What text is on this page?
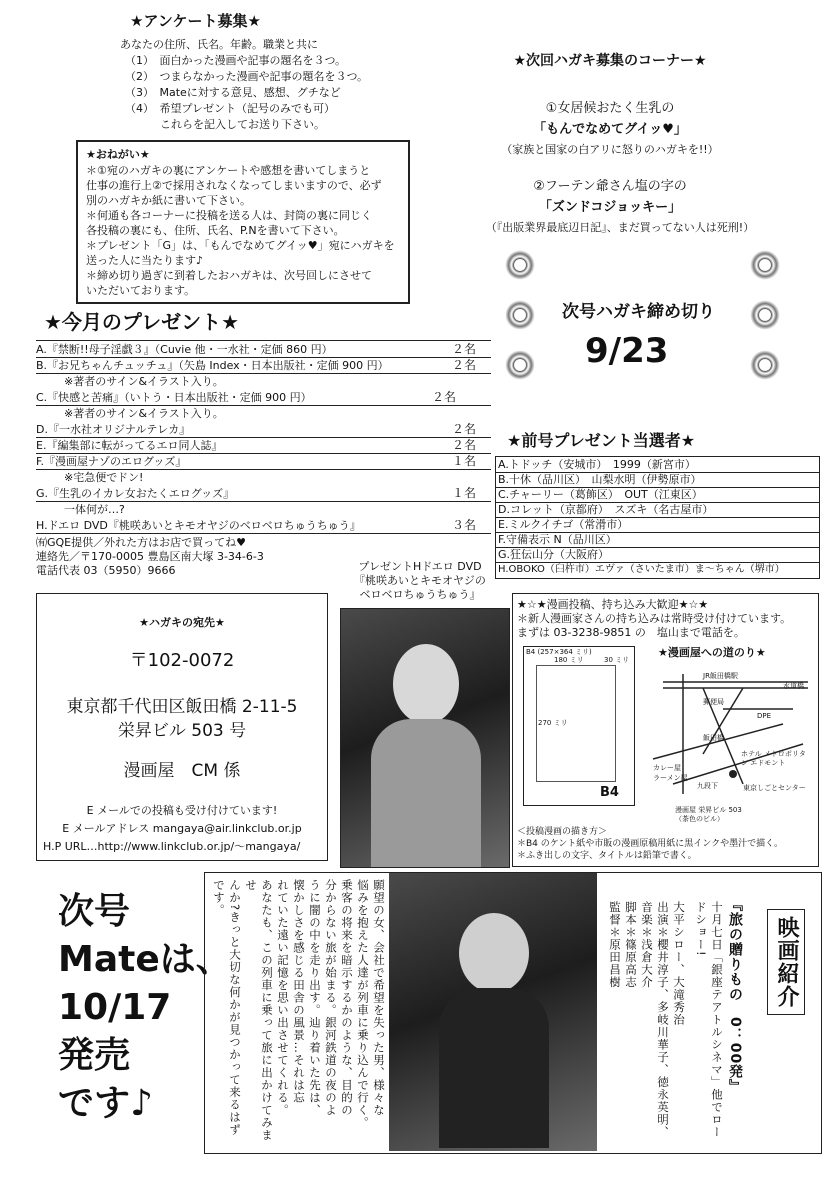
★アンケート募集★
あなたの住所、氏名。年齢。職業と共に
（1）　面白かった漫画や記事の題名を３つ。
（2）　つまらなかった漫画や記事の題名を３つ。
（3）　Mateに対する意見、感想、グチなど
（4）　希望プレゼント（記号のみでも可）
これらを記入してお送り下さい。
★おねがい★
＊①宛のハガキの裏にアンケートや感想を書いてしまうと
仕事の進行上②で採用されなくなってしまいますので、必ず
別のハガキか紙に書いて下さい。
＊何通も各コーナーに投稿を送る人は、封筒の裏に同じく
各投稿の裏にも、住所、氏名、P.Nを書いて下さい。
＊プレゼント「G」は、「もんでなめてグイッ♥」宛にハガキを
送った人に当たります♪
＊締め切り過ぎに到着したおハガキは、次号回しにさせて
いただいております。
★次回ハガキ募集のコーナー★
①女居候おたく生乳の
「もんでなめてグイッ♥」
（家族と国家の白アリに怒りのハガキを!!）
②フーテン爺さん塩の字の
「ズンドコジョッキー」
（『出版業界最底辺日記』、まだ買ってない人は死刑!）
次号ハガキ締め切り
9/23
★今月のプレゼント★
A.『禁断!!母子淫戯３』（Cuvie 他・一水社・定価 860 円）	２名
B.『お兄ちゃんチュッチュ』（矢島 Index・日本出版社・定価 900 円）	２名
※著者のサイン&イラスト入り。
C.『快感と苦痛』（いトう・日本出版社・定価 900 円）	２名
※著者のサイン&イラスト入り。
D.『一水社オリジナルテレカ』	２名
E.『編集部に転がってるエロ同人誌』	２名
F.『漫画屋ナゾのエログッズ』	１名
※宅急便でドン!
G.『生乳のイカレ女おたくエログッズ』	１名
一体何が…?
H.ドエロ DVD『桃咲あいとキモオヤジのベロベロちゅうちゅう』	３名
㈲GQE提供／外れた方はお店で買ってね♥
連絡先／〒170-0005 豊島区南大塚 3-34-6-3
電話代表 03（5950）9666
★前号プレゼント当選者★
A.トドッチ（安城市）　1999（新宮市）
B.十休（品川区）　山梨水明（伊勢原市）
C.チャーリー（葛飾区）　OUT（江東区）
D.コレット（京都府）　スズキ（名古屋市）
E.ミルクイチゴ（常滑市）
F.守備表示 N（品川区）
G.狂伝山分（大阪府）
H.OBOKO（臼杵市）エヴァ（さいたま市）ま～ちゃん（堺市）
★ハガキの宛先★
〒102-0072
東京都千代田区飯田橋 2-11-5
栄昇ビル 503 号
漫画屋　CM 係
E メールでの投稿も受け付けています!
E メールアドレス mangaya@air.linkclub.or.jp
H.P URL…http://www.linkclub.or.jp/～mangaya/
プレゼントHドエロ DVD
『桃咲あいとキモオヤジの
ベロベロちゅうちゅう』
★☆★漫画投稿、持ち込み大歓迎★☆★
＊新人漫画家さんの持ち込みは常時受け付けています。
まずは 03-3238-9851 の　塩山まで電話を。
★漫画屋への道のり★
B4 (257×364 ミリ)
180 ミリ	30 ミリ
270 ミリ
B4
JR飯田橋駅
水道橋
郵便局
DPE
飯田橋
ホテル メトロポリタン エドモント
カレー屋
ラーメン屋
九段下	東京しごとセンター
漫画屋 栄昇ビル 503 （茶色のビル）
＜投稿漫画の描き方＞
＊B4 のケント紙や市販の漫画原稿用紙に黒インクや墨汁で描く。
＊ふき出しの文字、タイトルは鉛筆で書く。
次号
Mateは、
10/17
発売
です♪	願望の女、会社で希望を失った男、様々な
悩みを抱えた人達が列車に乗り込んで行く。
乗客の将来を暗示するかのような、目的の
分からない旅が始まる。銀河鉄道の夜のよ
うに闇の中を走り出す。辿り着いた先は、
懐かしさを感じる田舎の風景…それは忘
れていた遠い記憶を思い出させてくれる。
あなたも、この列車に乗って旅に出かけてみませ
んか?きっと大切な何かが見つかって来るはずです。
十月七日「銀座テアトルシネマ」他でロードショー!
大平シロー、大滝秀治
出演＊櫻井淳子、多岐川華子、徳永英明、
音楽＊浅倉大介
脚本＊篠原高志
監督＊原田昌樹	『旅の贈りもの　0：00発』	映画紹介
